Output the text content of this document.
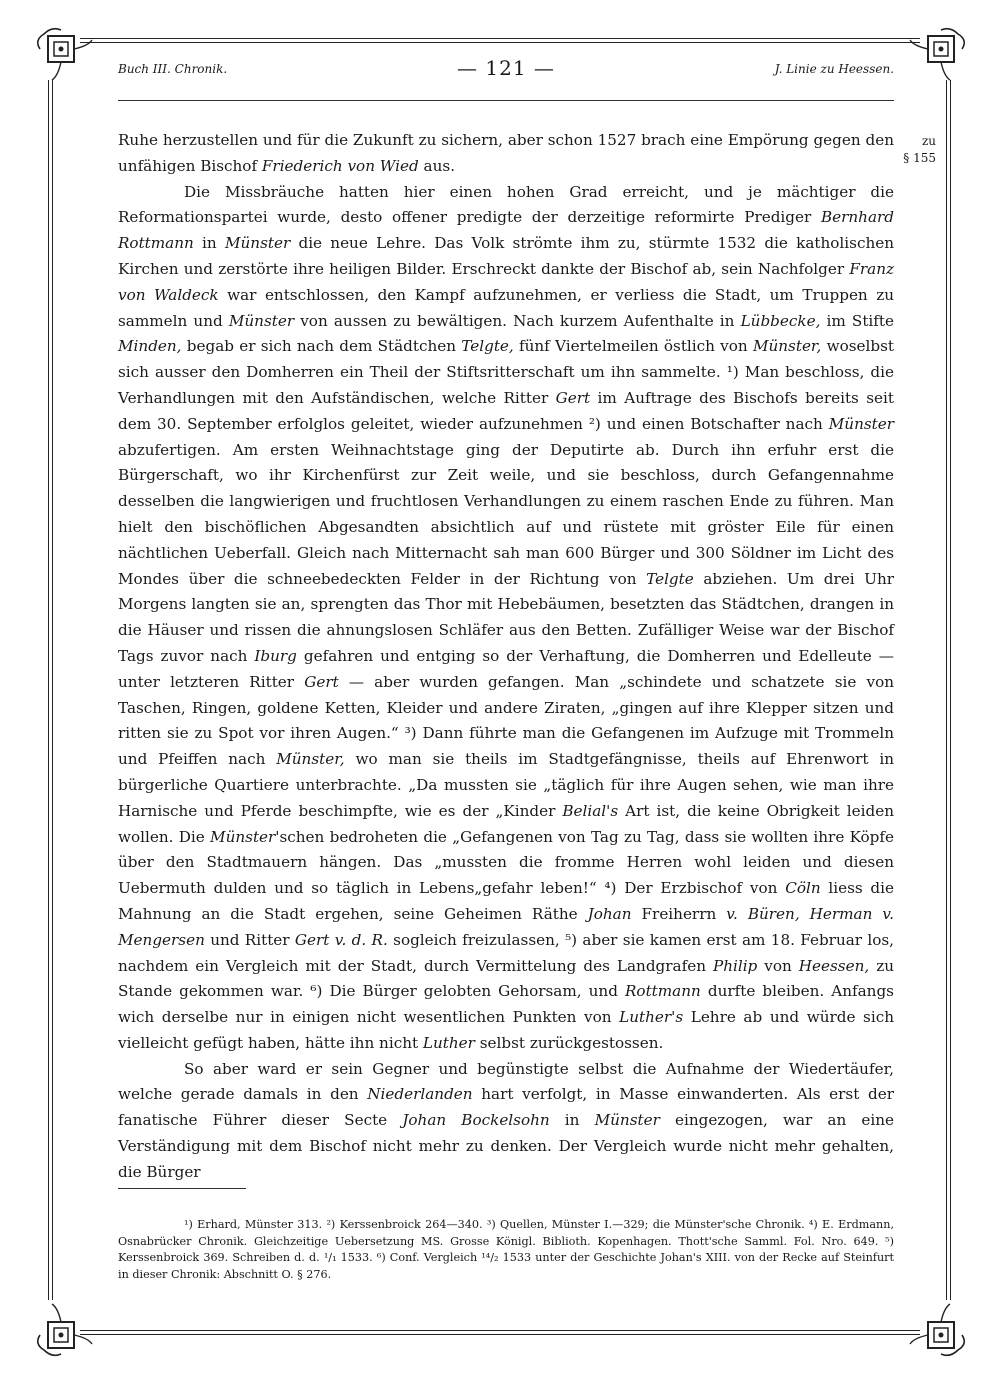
Buch III. Chronik.	— 121 —	J. Linie zu Heessen.
zu
§ 155

Ruhe herzustellen und für die Zukunft zu sichern, aber schon 1527 brach eine Empörung gegen den unfähigen Bischof Friederich von Wied aus.

Die Missbräuche hatten hier einen hohen Grad erreicht, und je mächtiger die Reformationspartei wurde, desto offener predigte der derzeitige reformirte Prediger Bernhard Rottmann in Münster die neue Lehre. Das Volk strömte ihm zu, stürmte 1532 die katholischen Kirchen und zerstörte ihre heiligen Bilder. Erschreckt dankte der Bischof ab, sein Nachfolger Franz von Waldeck war entschlossen, den Kampf aufzunehmen, er verliess die Stadt, um Truppen zu sammeln und Münster von aussen zu bewältigen. Nach kurzem Aufenthalte in Lübbecke, im Stifte Minden, begab er sich nach dem Städtchen Telgte, fünf Viertelmeilen östlich von Münster, woselbst sich ausser den Domherren ein Theil der Stiftsritterschaft um ihn sammelte. ¹) Man beschloss, die Verhandlungen mit den Aufständischen, welche Ritter Gert im Auftrage des Bischofs bereits seit dem 30. September erfolglos geleitet, wieder aufzunehmen ²) und einen Botschafter nach Münster abzufertigen. Am ersten Weihnachtstage ging der Deputirte ab. Durch ihn erfuhr erst die Bürgerschaft, wo ihr Kirchenfürst zur Zeit weile, und sie beschloss, durch Gefangennahme desselben die langwierigen und fruchtlosen Verhandlungen zu einem raschen Ende zu führen. Man hielt den bischöflichen Abgesandten absichtlich auf und rüstete mit gröster Eile für einen nächtlichen Ueberfall. Gleich nach Mitternacht sah man 600 Bürger und 300 Söldner im Licht des Mondes über die schneebedeckten Felder in der Richtung von Telgte abziehen. Um drei Uhr Morgens langten sie an, sprengten das Thor mit Hebebäumen, besetzten das Städtchen, drangen in die Häuser und rissen die ahnungslosen Schläfer aus den Betten. Zufälliger Weise war der Bischof Tags zuvor nach Iburg gefahren und entging so der Verhaftung, die Domherren und Edelleute — unter letzteren Ritter Gert — aber wurden gefangen. Man „schindete und schatzete sie von Taschen, Ringen, goldene Ketten, Kleider und andere Ziraten, „gingen auf ihre Klepper sitzen und ritten sie zu Spot vor ihren Augen.“ ³) Dann führte man die Gefangenen im Aufzuge mit Trommeln und Pfeiffen nach Münster, wo man sie theils im Stadtgefängnisse, theils auf Ehrenwort in bürgerliche Quartiere unterbrachte. „Da mussten sie „täglich für ihre Augen sehen, wie man ihre Harnische und Pferde beschimpfte, wie es der „Kinder Belial's Art ist, die keine Obrigkeit leiden wollen. Die Münster'schen bedroheten die „Gefangenen von Tag zu Tag, dass sie wollten ihre Köpfe über den Stadtmauern hängen. Das „mussten die fromme Herren wohl leiden und diesen Uebermuth dulden und so täglich in Lebens„gefahr leben!“ ⁴) Der Erzbischof von Cöln liess die Mahnung an die Stadt ergehen, seine Geheimen Räthe Johan Freiherrn v. Büren, Herman v. Mengersen und Ritter Gert v. d. R. sogleich freizulassen, ⁵) aber sie kamen erst am 18. Februar los, nachdem ein Vergleich mit der Stadt, durch Vermittelung des Landgrafen Philip von Heessen, zu Stande gekommen war. ⁶) Die Bürger gelobten Gehorsam, und Rottmann durfte bleiben. Anfangs wich derselbe nur in einigen nicht wesentlichen Punkten von Luther's Lehre ab und würde sich vielleicht gefügt haben, hätte ihn nicht Luther selbst zurückgestossen.

So aber ward er sein Gegner und begünstigte selbst die Aufnahme der Wiedertäufer, welche gerade damals in den Niederlanden hart verfolgt, in Masse einwanderten. Als erst der fanatische Führer dieser Secte Johan Bockelsohn in Münster eingezogen, war an eine Verständigung mit dem Bischof nicht mehr zu denken. Der Vergleich wurde nicht mehr gehalten, die Bürger

¹) Erhard, Münster 313. ²) Kerssenbroick 264—340. ³) Quellen, Münster I.—329; die Münster'sche Chronik. ⁴) E. Erdmann, Osnabrücker Chronik. Gleichzeitige Uebersetzung MS. Grosse Königl. Biblioth. Kopenhagen. Thott'sche Samml. Fol. Nro. 649. ⁵) Kerssenbroick 369. Schreiben d. d. ¹/₁ 1533. ⁶) Conf. Vergleich ¹⁴/₂ 1533 unter der Geschichte Johan's XIII. von der Recke auf Steinfurt in dieser Chronik: Abschnitt O. § 276.
